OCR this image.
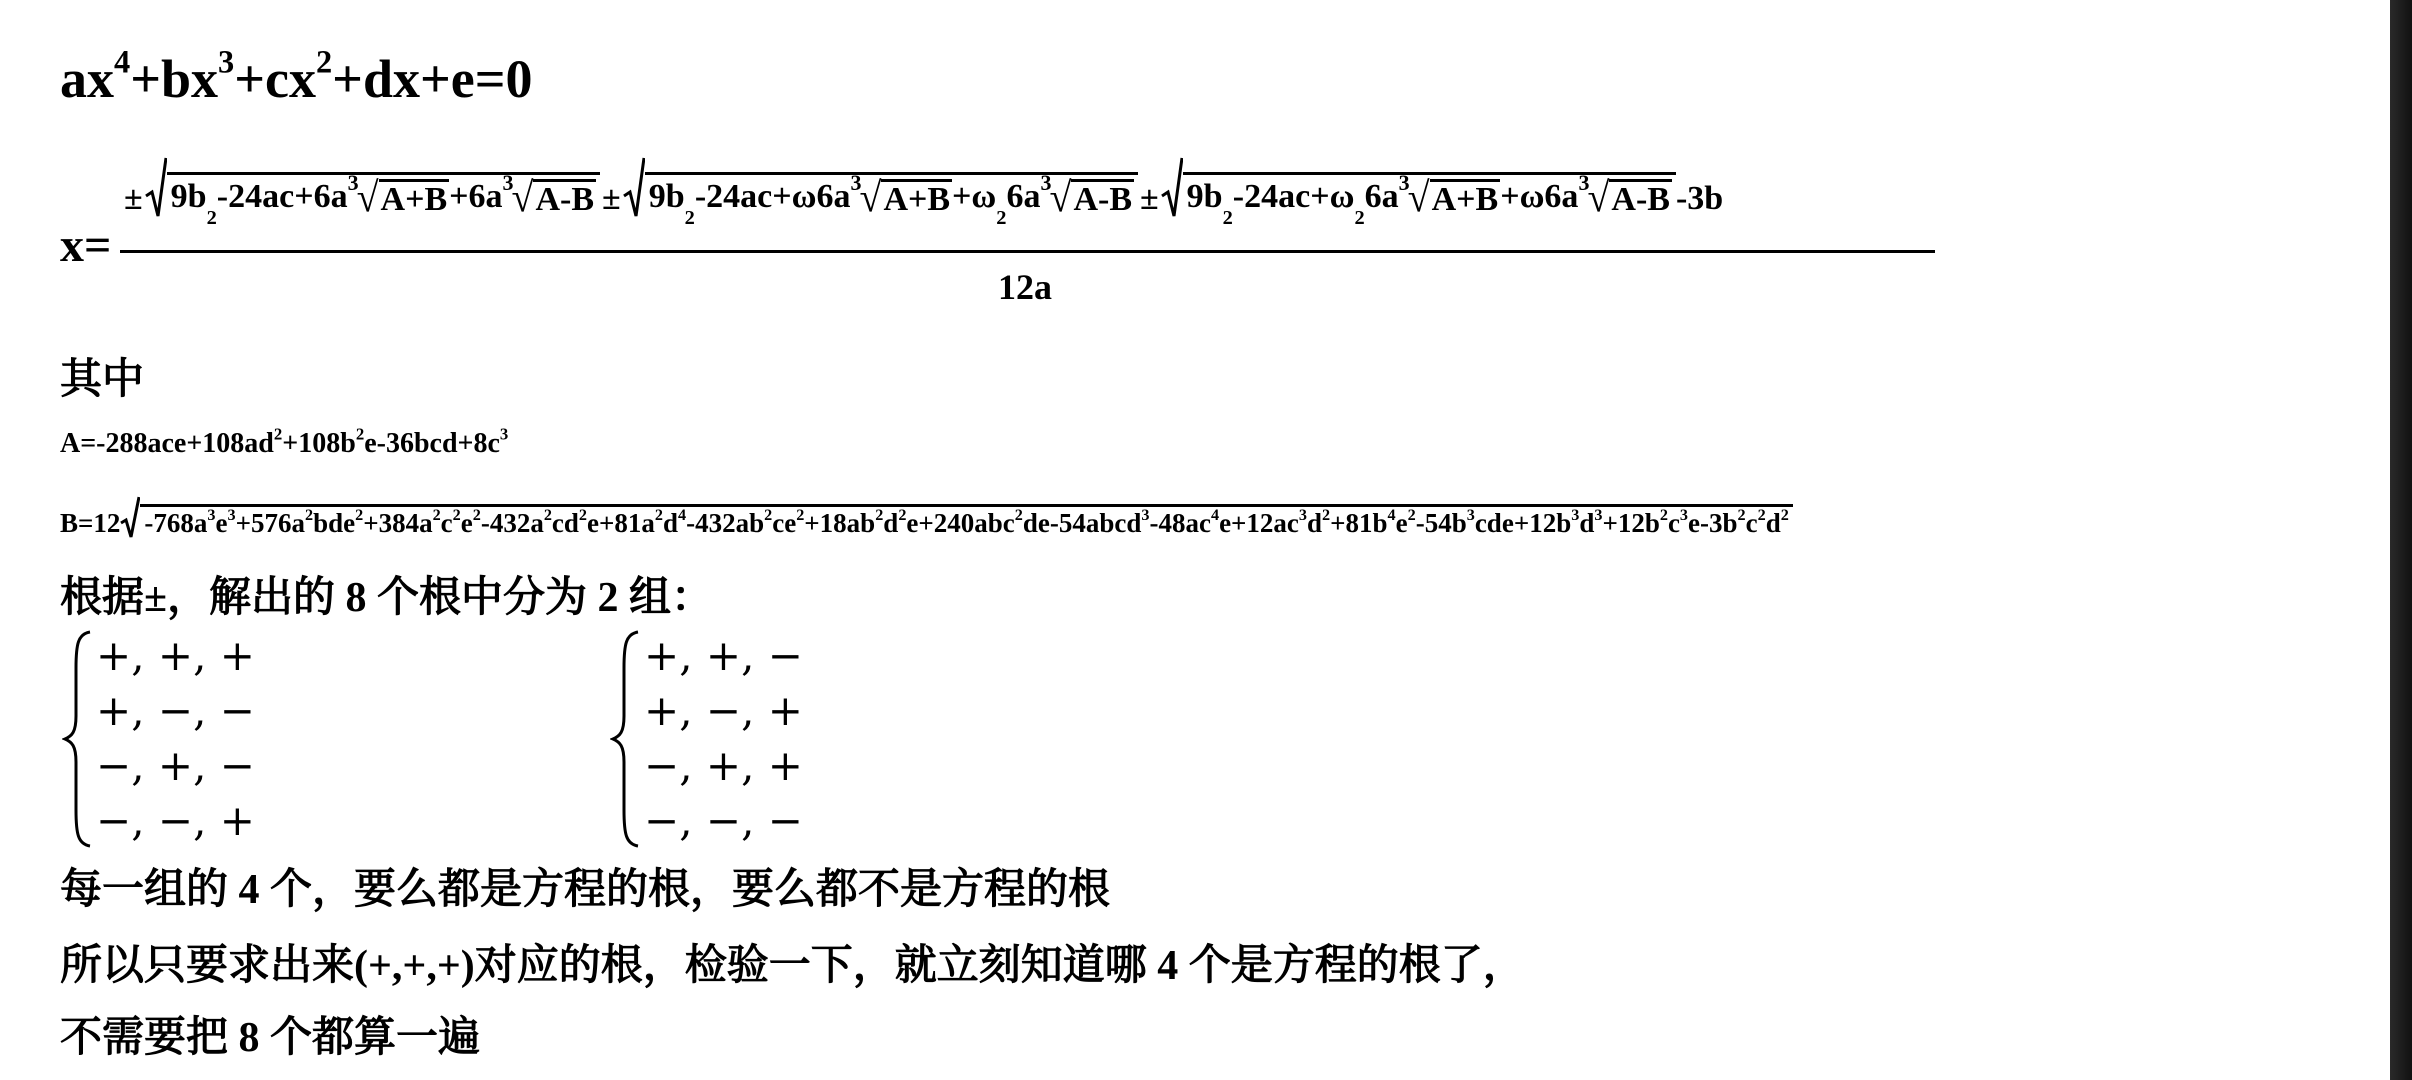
$ax^4+bx^3+cx^2+dx+e=0$
x=
± 9b
2
-24ac+6a 3
√ A+B +6a 3
√ A-B ± 9b
2
-24ac+ω6a 3
√ A+B +ω
2
6a 3
√ A-B ± 9b
2
-24ac+ω
2
6a 3
√ A+B +ω6a 3
√ A-B -3b
12a
其中
$A=-288ace+108ad^2+108b^2e-36bcd+8c^3$
B=12 $-768a^3e^3 +576a^2bde^2 +384a^2c^2e^2$ $-432a^2cd^2e +81a^2d^4$ $-432ab^2ce^2 +18ab^2d^2e +240abc^2de$ -54abcd$^3$ $-48ac^4e +12ac^3d^2 +81b^4e^2$ $-54b^3cde +12b^3d^3 +12b^2c^3e$ $-3b^2c^2d^2$
根据±，解出的 8 个根中分为 2 组：
+, +, +
+, −, −
−, +, −
−, −, +
+, +, −
+, −, +
−, +, +
−, −, −
每一组的 4 个，要么都是方程的根，要么都不是方程的根
所以只要求出来(+,+,+)对应的根，检验一下，就立刻知道哪 4 个是方程的根了，
不需要把 8 个都算一遍
